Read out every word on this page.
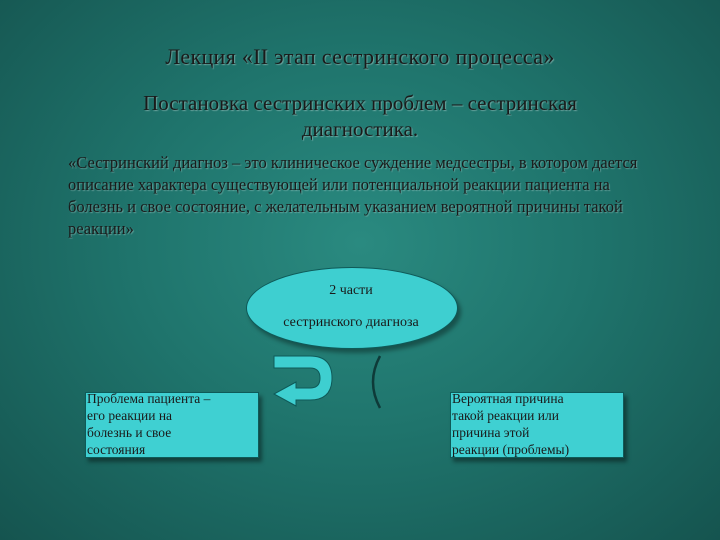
Лекция «II этап сестринского процесса»
Постановка сестринских проблем – сестринская диагностика.
«Сестринский диагноз – это клиническое суждение медсестры, в котором дается описание характера существующей или потенциальной реакции пациента на болезнь и свое состояние, с желательным указанием вероятной причины такой реакции»
2 части
сестринского диагноза
Проблема пациента –
его реакции на
болезнь и свое
состояния
Вероятная причина
такой реакции или
причина этой
реакции (проблемы)
